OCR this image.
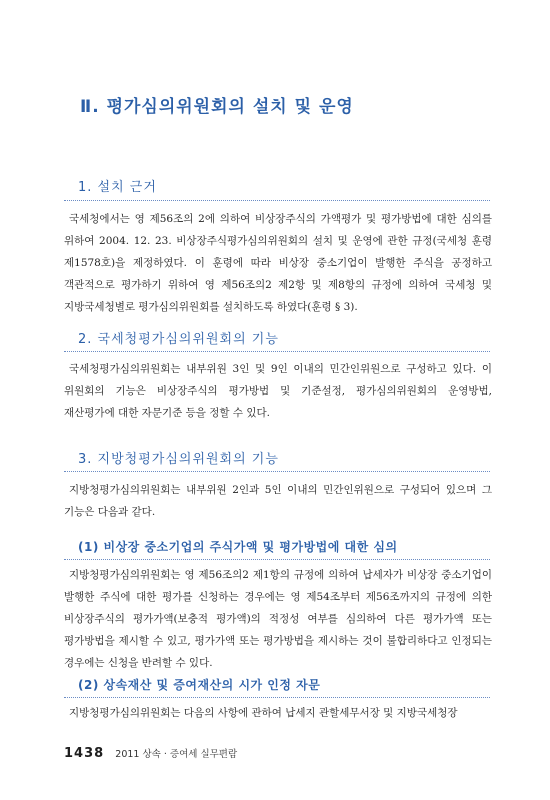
Ⅱ. 평가심의위원회의 설치 및 운영
1. 설치 근거
국세청에서는 영 제56조의 2에 의하여 비상장주식의 가액평가 및 평가방법에 대한 심의를 위하여 2004. 12. 23. 비상장주식평가심의위원회의 설치 및 운영에 관한 규정(국세청 훈령 제1578호)을 제정하였다. 이 훈령에 따라 비상장 중소기업이 발행한 주식을 공정하고 객관적으로 평가하기 위하여 영 제56조의2 제2항 및 제8항의 규정에 의하여 국세청 및 지방국세청별로 평가심의위원회를 설치하도록 하였다(훈령 § 3).
2. 국세청평가심의위원회의 기능
국세청평가심의위원회는 내부위원 3인 및 9인 이내의 민간인위원으로 구성하고 있다. 이 위원회의 기능은 비상장주식의 평가방법 및 기준설정, 평가심의위원회의 운영방법, 재산평가에 대한 자문기준 등을 정할 수 있다.
3. 지방청평가심의위원회의 기능
지방청평가심의위원회는 내부위원 2인과 5인 이내의 민간인위원으로 구성되어 있으며 그 기능은 다음과 같다.
(1) 비상장 중소기업의 주식가액 및 평가방법에 대한 심의
지방청평가심의위원회는 영 제56조의2 제1항의 규정에 의하여 납세자가 비상장 중소기업이 발행한 주식에 대한 평가를 신청하는 경우에는 영 제54조부터 제56조까지의 규정에 의한 비상장주식의 평가가액(보충적 평가액)의 적정성 여부를 심의하여 다른 평가가액 또는 평가방법을 제시할 수 있고, 평가가액 또는 평가방법을 제시하는 것이 불합리하다고 인정되는 경우에는 신청을 반려할 수 있다.
(2) 상속재산 및 증여재산의 시가 인정 자문
지방청평가심의위원회는 다음의 사항에 관하여 납세지 관할세무서장 및 지방국세청장
1438 2011 상속 · 증여세 실무편람
